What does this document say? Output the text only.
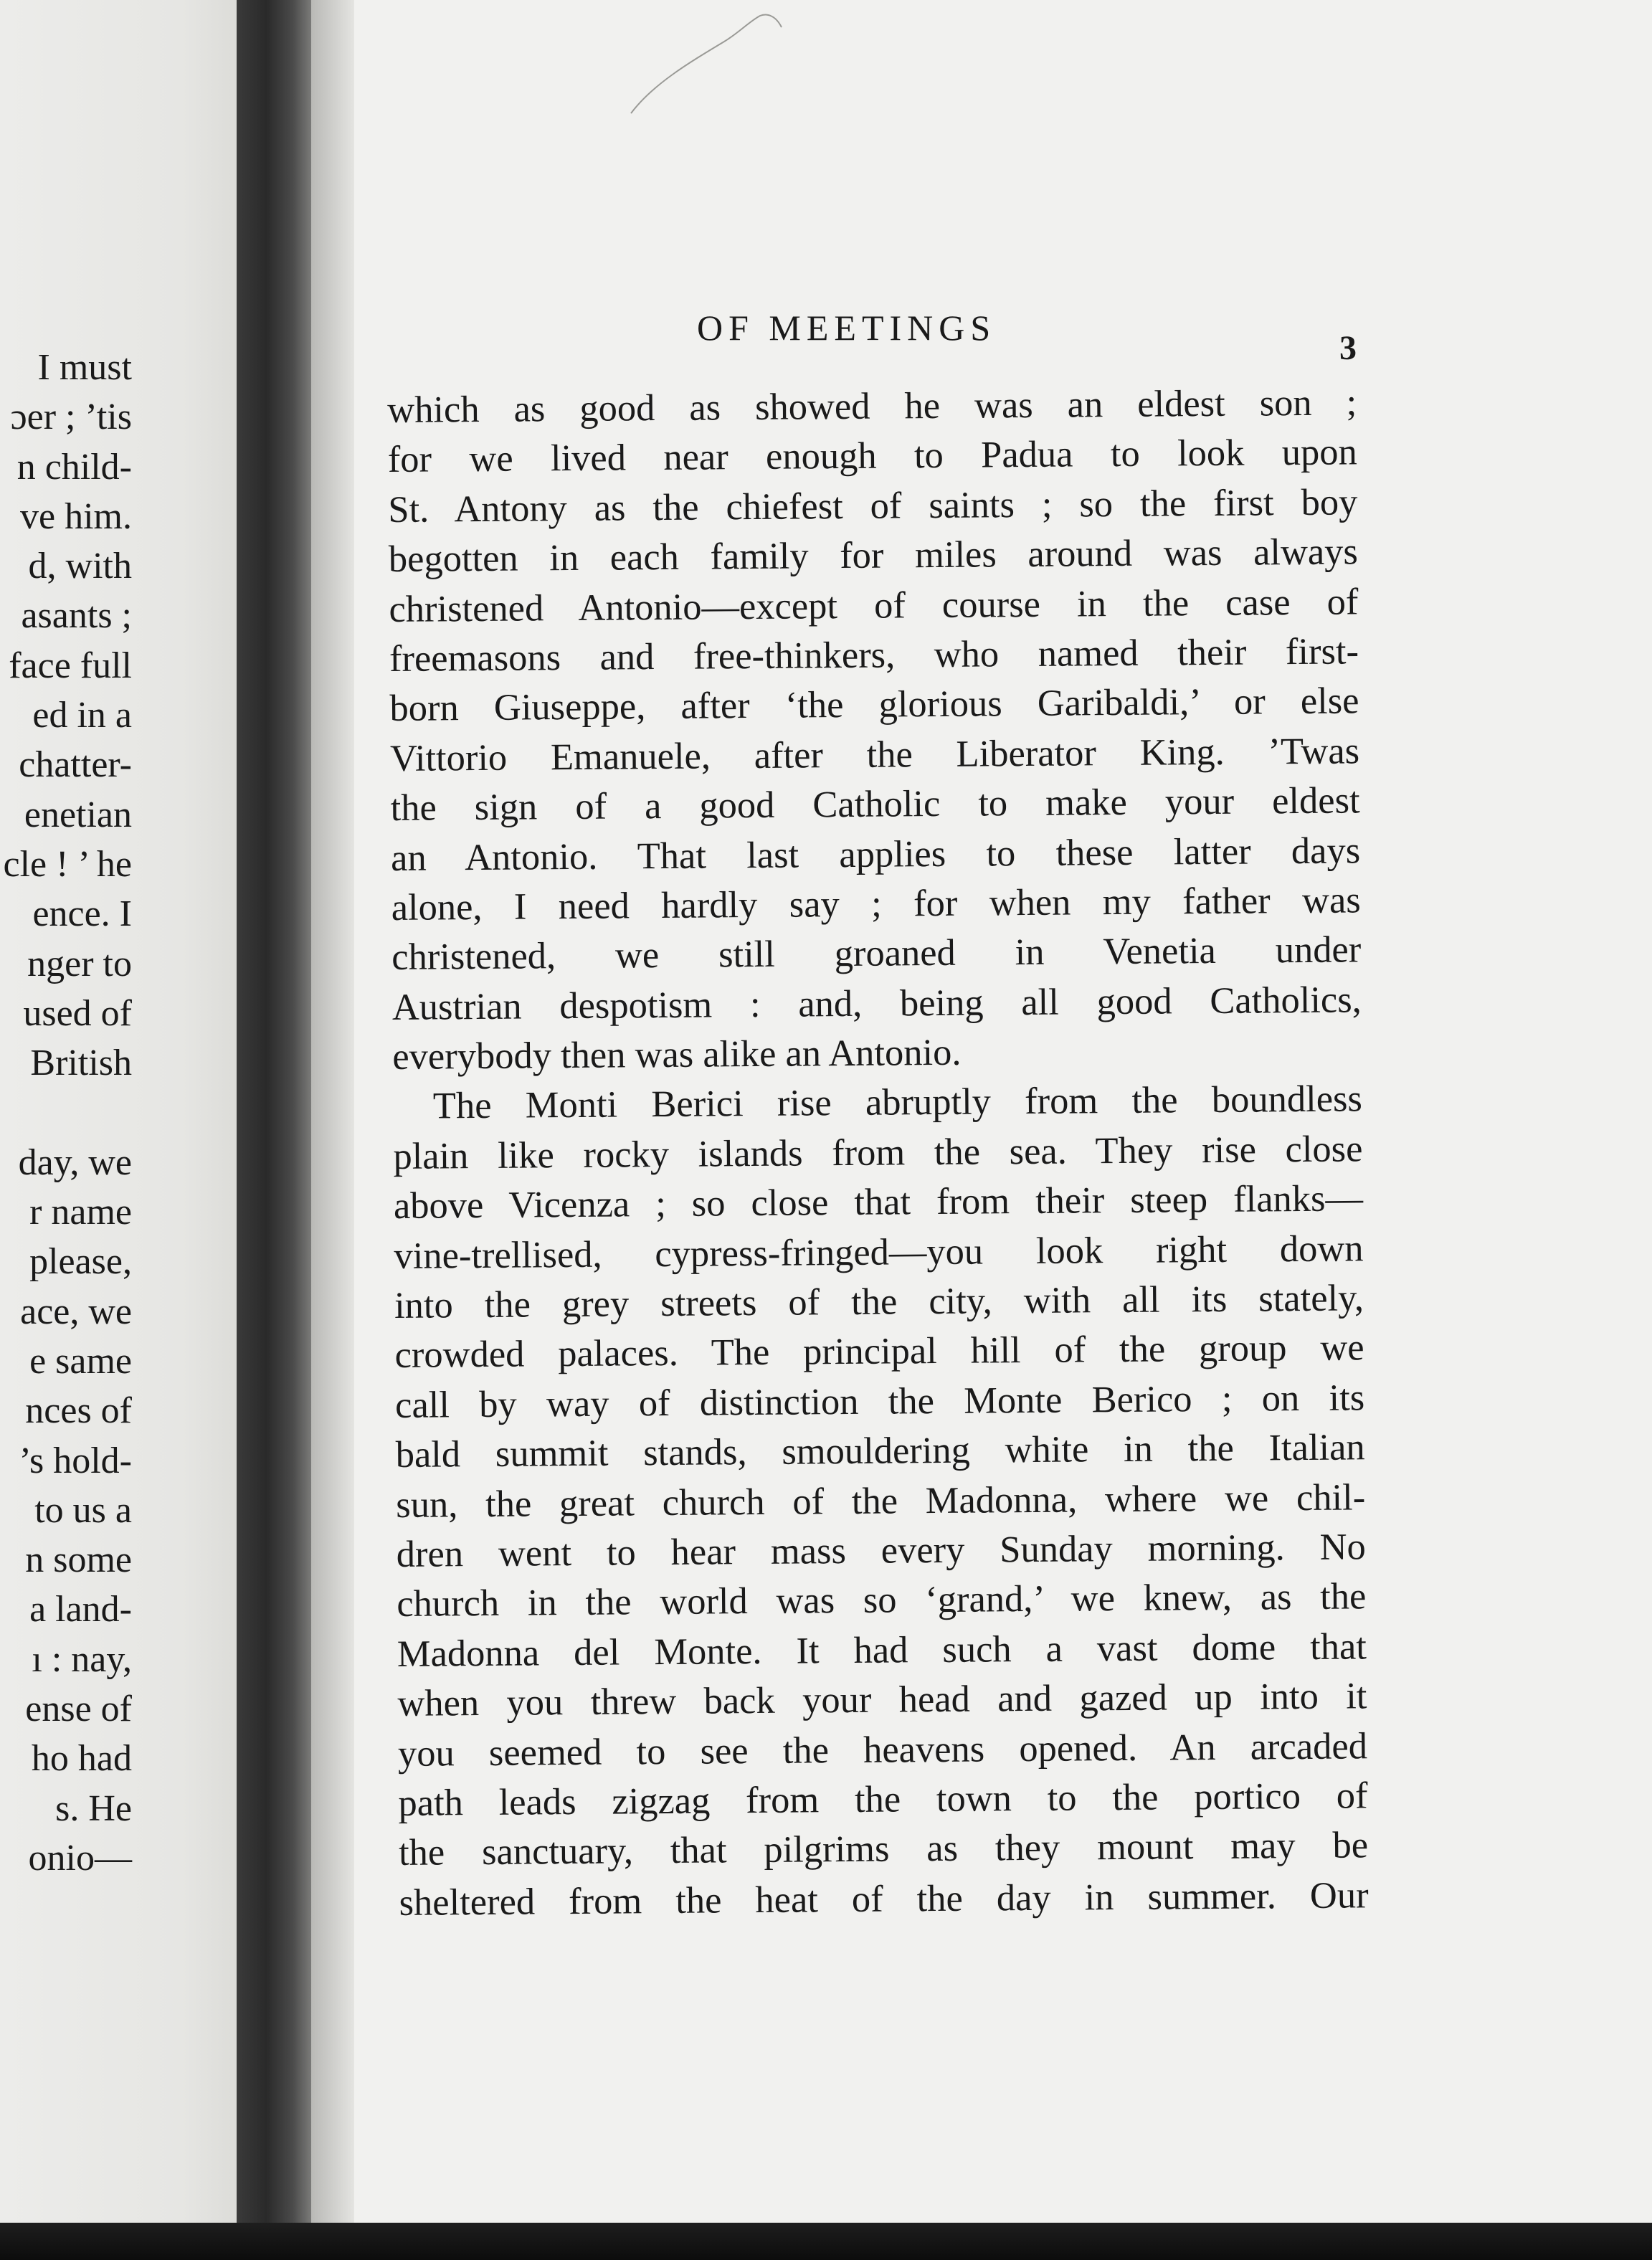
I must
ɔer ; ’tis
n child-
ve him.
d, with
asants ;
face full
ed in a
chatter-
enetian
cle ! ’ he
ence. I
nger to
used of
British
day, we
r name
please,
ace, we
e same
nces of
’s hold-
to us a
n some
a land-
ı : nay,
ense of
ho had
s. He
onio—
OF MEETINGS
3
which as good as showed he was an eldest son ;
for we lived near enough to Padua to look upon
St. Antony as the chiefest of saints ; so the first boy
begotten in each family for miles around was always
christened Antonio—except of course in the case of
freemasons and free-thinkers, who named their first-
born Giuseppe, after ‘the glorious Garibaldi,’ or else
Vittorio Emanuele, after the Liberator King. ’Twas
the sign of a good Catholic to make your eldest
an Antonio. That last applies to these latter days
alone, I need hardly say ; for when my father was
christened, we still groaned in Venetia under
Austrian despotism : and, being all good Catholics,
everybody then was alike an Antonio.
The Monti Berici rise abruptly from the boundless
plain like rocky islands from the sea. They rise close
above Vicenza ; so close that from their steep flanks—
vine-trellised, cypress-fringed—you look right down
into the grey streets of the city, with all its stately,
crowded palaces. The principal hill of the group we
call by way of distinction the Monte Berico ; on its
bald summit stands, smouldering white in the Italian
sun, the great church of the Madonna, where we chil-
dren went to hear mass every Sunday morning. No
church in the world was so ‘grand,’ we knew, as the
Madonna del Monte. It had such a vast dome that
when you threw back your head and gazed up into it
you seemed to see the heavens opened. An arcaded
path leads zigzag from the town to the portico of
the sanctuary, that pilgrims as they mount may be
sheltered from the heat of the day in summer. Our
